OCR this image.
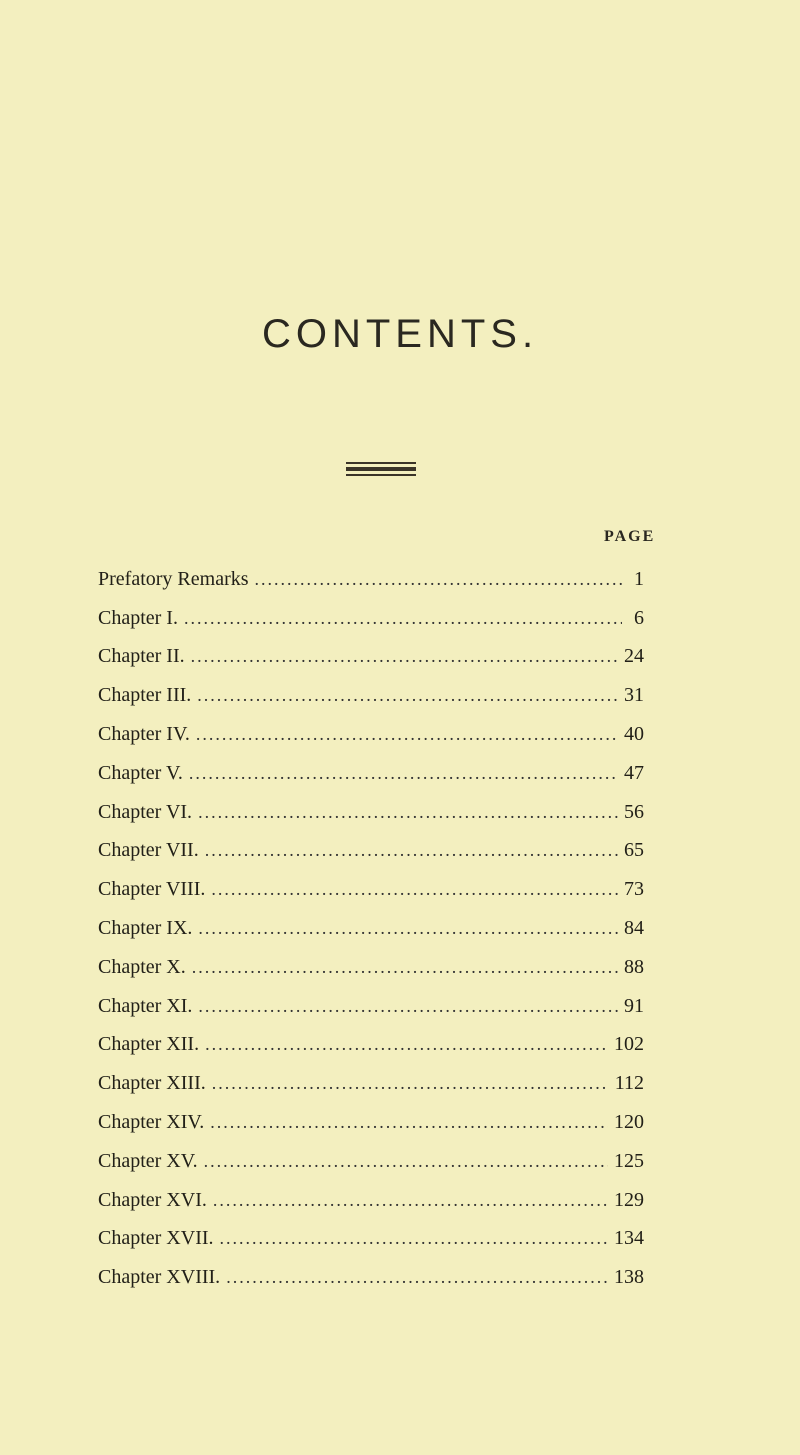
CONTENTS.
PAGE
Prefatory Remarks .....	1
Chapter I. .....	6
Chapter II. .....	24
Chapter III. .....	31
Chapter IV. .....	40
Chapter V. .....	47
Chapter VI. .....	56
Chapter VII. .....	65
Chapter VIII. .....	73
Chapter IX. .....	84
Chapter X. .....	88
Chapter XI. .....	91
Chapter XII. .....	102
Chapter XIII. .....	112
Chapter XIV. .....	120
Chapter XV. .....	125
Chapter XVI. .....	129
Chapter XVII. .....	134
Chapter XVIII. .....	138
